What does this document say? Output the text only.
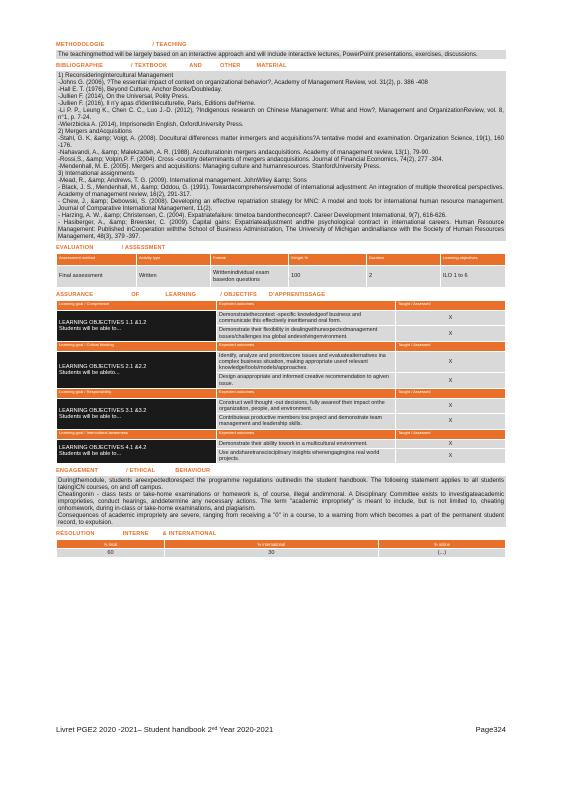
METHODOLOGIE	/ TEACHING
The teachingmethod will be largely based on an interactive approach and will include interactive lectures, PowerPoint presentations, exercises, discussions.
BIBLIOGRAPHIE	/ TEXTBOOK	AND	OTHER	MATERIAL

1) ReconsideringIntercultural Management

-Johns G. (2006), ?The essential impact of context on organizational behavior?, Academy of Management Review, vol. 31(2), p. 386 -408

-Hall E. T. (1976), Beyond Culture, Anchor Books/Doubleday.

-Jullien F. (2014), On the Universal, Polity Press.

-Jullien F. (2016), Il n'y apas d'identitéculturelle, Paris, Editions del'Herne.

-Li P. P., Leung K., Chen C. C., Luo J.-D. (2012), ?Indigenous research on Chinese Management: What and How?, Management and OrganizationReview, vol. 8, n°1, p. 7-24.

-Wierzbicka A. (2014), Imprisonedin English, OxfordUniversity Press.

2) Mergers andAcquisitions

-Stahl, G. K, &amp; Voigt, A. (2008). Docultural differences matter inmergers and acquisitions?A tentative model and examination. Organization Science, 19(1), 160 -176.

-Nahavandi, A., &amp; Malekzadeh, A. R. (1988). Acculturationin mergers andacquisitions. Academy of management review, 13(1), 79-90.

-Rossi,S., &amp; Volpin,P. F. (2004). Cross -country determinants of mergers andacquisitions. Journal of Financial Economics, 74(2), 277 -304.

-Mendenhall, M. E. (2005). Mergers and acquisitions: Managing culture and humanresources. StanfordUniversity Press.

3) International assignments

-Mead, R., &amp; Andrews, T. G. (2009). International management. JohnWiley &amp; Sons

- Black, J. S., Mendenhall, M., &amp; Oddou, G. (1991). Towardacomprehensivemodel of international adjustment: An integration of multiple theoretical perspectives. Academy of management review, 16(2), 291-317.

- Chew, J., &amp; Debowski, S. (2008). Developing an effective repatriation strategy for MNC: A model and tools for international human resource management. Journal of Comparative International Management, 11(2).

- Harzing, A. W., &amp; Christensen, C. (2004). Expatriatefailure: timetoa bandontheconcept?. Career Development International, 9(7), 616-626.

- Hasiberger, A., &amp; Brewster, C. (2009). Capital gains: Expatriateadjustment andthe psychological contract in international careers. Human Resource Management: Published inCooperation withthe School of Business Administration, The University of Michigan andinalliance with the Society of Human Resources Management, 48(3), 379 -397.

EVALUATION	/ ASSESSMENT
Assessment method	Activity type	Format	Weight %	Duration	Learning objectives
Final assessment	Written	Writtenindividual exam basedon questions	100	2	ILO 1 to 6
ASSURANCE	OF	LEARNING	/ OBJECTIFS D'APPRENTISSAGE
Learning goal / Competence	Expected outcomes	Taught / Assessed
LEARNING OBJECTIVES 1.1 &1.2
Students will be able to...	Demonstratethecontext -specific knowledgeof business and communicate this effectively inwrittenand oral form.	X
	Demonstrate their flexibility in dealingwithunexpectedmanagement issues/challenges ina global andevolvingenvironment.	X
Learning goal / Critical thinking	Expected outcomes	Taught / Assessed
LEARNING OBJECTIVES 2.1 &2.2
Students will be ableto...	Identify, analyze and prioritizecore issues and evaluatealternatives ina complex business situation, making appropriate useof relevant knowledge/tools/models/approaches.	X
	Design anappropriate and informed creative recommendation to agiven issue.	X
Learning goal / Responsibility	Expected outcomes	Taught / Assessed
LEARNING OBJECTIVES 3.1 &3.2
Students will be able to...	Construct well thought -out decisions, fully awareof their impact onthe organization, people, and environment.	X
	Contributeas productive members toa project and demonstrate team management and leadership skills.	X
Learning goal / Intercultural awareness	Expected outcomes	Taught / Assessed
LEARNING OBJECTIVES 4.1 &4.2
Students will be able to...	Demonstrate their ability towork in a multicultural environment.	X
	Use andsharetranscisciplinary insights whenengagingina real world projects.	X
ENGAGEMENT	/ ETHICAL	BEHAVIOUR

Duringthemodule, students areexpectedtorespect the programme regulations outlinedin the student handbook. The following statement applies to all students takingICN courses, on and off campus.

Cheatingonin - class tests or take-home examinations or homework is, of course, illegal andimmoral. A Disciplinary Committee exists to investigateacademic improprieties, conduct hearings, anddetermine any necessary actions. The term "academic impropriety" is meant to include, but is not limited to, cheating onhomework, during in-class or take-home examinations, and plagiarism.

Consequences of academic impropriety are severe, ranging from receiving a "0" in a course, to a warning from which becomes a part of the permanent student record, to expulsion.

RÉSOLUTION	INTERNE	& INTERNATIONAL
% local	% international	% online
60	30	(...)
Livret PGE2 2020 -2021– Student handbook 2ⁿᵈ Year 2020-2021	Page324
